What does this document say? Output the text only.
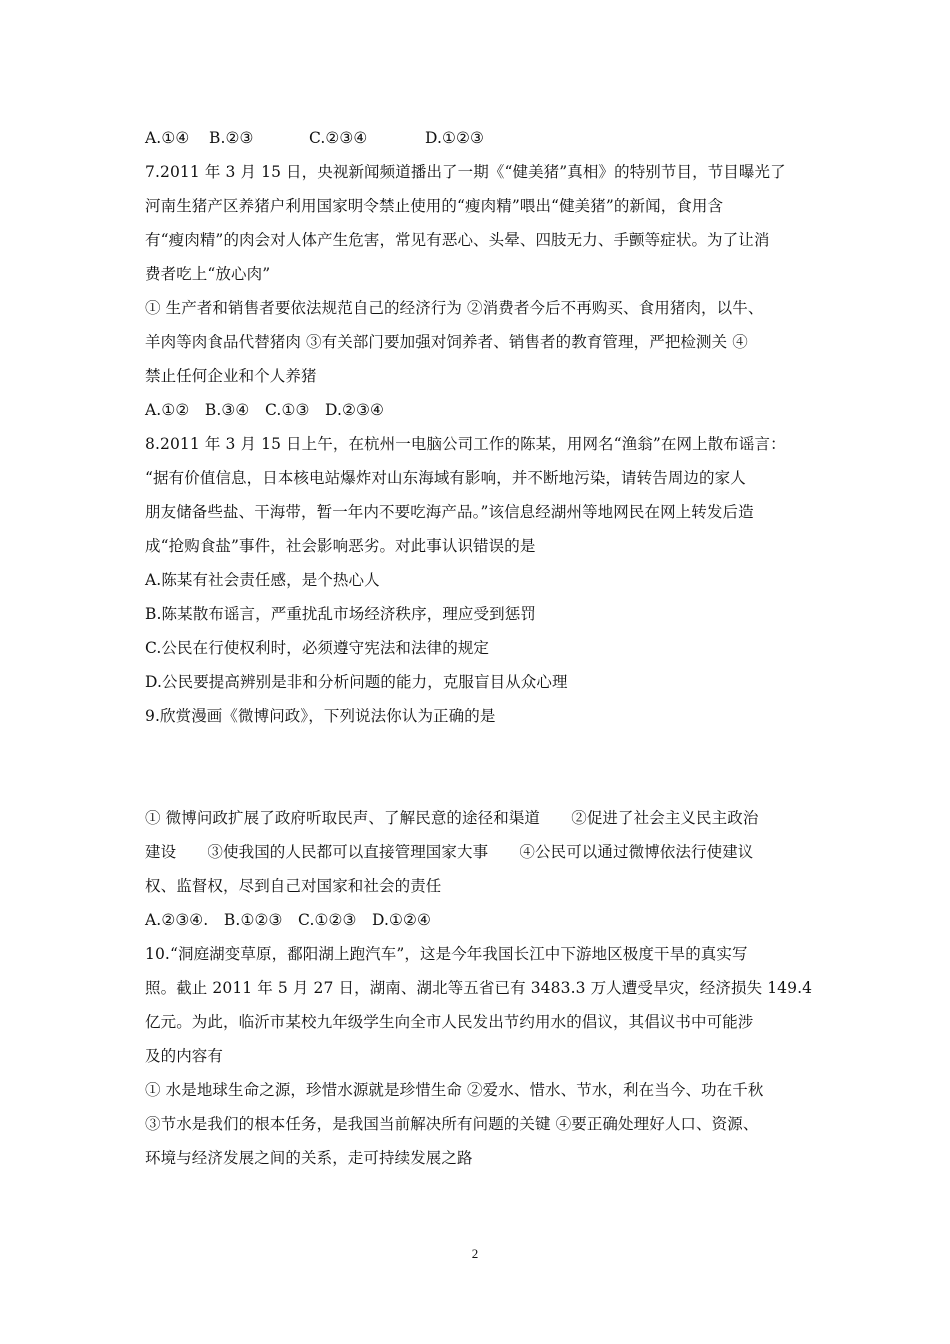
A.①④ B.②③	C.②③④	D.①②③
7.2011 年 3 月 15 日，央视新闻频道播出了一期《“健美猪”真相》的特别节目，节目曝光了
河南生猪产区养猪户利用国家明令禁止使用的“瘦肉精”喂出“健美猪”的新闻，食用含
有“瘦肉精”的肉会对人体产生危害，常见有恶心、头晕、四肢无力、手颤等症状。为了让消
费者吃上“放心肉”
① 生产者和销售者要依法规范自己的经济行为 ②消费者今后不再购买、食用猪肉，以牛、
羊肉等肉食品代替猪肉 ③有关部门要加强对饲养者、销售者的教育管理，严把检测关 ④
禁止任何企业和个人养猪
A.①②　B.③④　C.①③　D.②③④
8.2011 年 3 月 15 日上午，在杭州一电脑公司工作的陈某，用网名“渔翁”在网上散布谣言：
“据有价值信息，日本核电站爆炸对山东海域有影响，并不断地污染，请转告周边的家人
朋友储备些盐、干海带，暂一年内不要吃海产品。”该信息经湖州等地网民在网上转发后造
成“抢购食盐”事件，社会影响恶劣。对此事认识错误的是
A.陈某有社会责任感，是个热心人
B.陈某散布谣言，严重扰乱市场经济秩序，理应受到惩罚
C.公民在行使权利时，必须遵守宪法和法律的规定
D.公民要提高辨别是非和分析问题的能力，克服盲目从众心理
9.欣赏漫画《微博问政》，下列说法你认为正确的是
① 微博问政扩展了政府听取民声、了解民意的途径和渠道　　②促进了社会主义民主政治
建设　　③使我国的人民都可以直接管理国家大事　　④公民可以通过微博依法行使建议
权、监督权，尽到自己对国家和社会的责任
A.②③④.　B.①②③　C.①②③　D.①②④
10.“洞庭湖变草原，鄱阳湖上跑汽车”，这是今年我国长江中下游地区极度干旱的真实写
照。截止 2011 年 5 月 27 日，湖南、湖北等五省已有 3483.3 万人遭受旱灾，经济损失 149.4
亿元。为此，临沂市某校九年级学生向全市人民发出节约用水的倡议，其倡议书中可能涉
及的内容有
① 水是地球生命之源，珍惜水源就是珍惜生命 ②爱水、惜水、节水，利在当今、功在千秋
③节水是我们的根本任务，是我国当前解决所有问题的关键 ④要正确处理好人口、资源、
环境与经济发展之间的关系，走可持续发展之路
2
